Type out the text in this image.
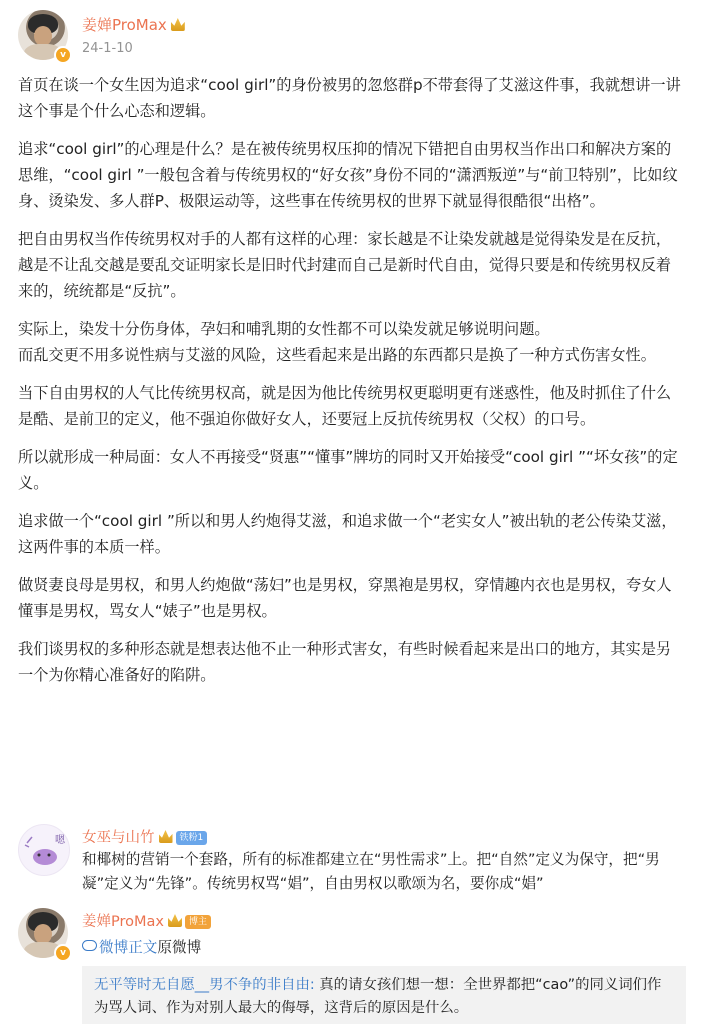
v
姜婵ProMax
24-1-10

首页在谈一个女生因为追求“cool girl”的身份被男的忽悠群p不带套得了艾滋这件事，我就想讲一讲这个事是个什么心态和逻辑。

追求“cool girl”的心理是什么？是在被传统男权压抑的情况下错把自由男权当作出口和解决方案的思维，“cool girl ”一般包含着与传统男权的“好女孩”身份不同的“潇洒叛逆”与“前卫特别”，比如纹身、烫染发、多人群P、极限运动等，这些事在传统男权的世界下就显得很酷很“出格”。

把自由男权当作传统男权对手的人都有这样的心理：家长越是不让染发就越是觉得染发是在反抗，越是不让乱交越是要乱交证明家长是旧时代封建而自己是新时代自由，觉得只要是和传统男权反着来的，统统都是“反抗”。

实际上，染发十分伤身体，孕妇和哺乳期的女性都不可以染发就足够说明问题。
而乱交更不用多说性病与艾滋的风险，这些看起来是出路的东西都只是换了一种方式伤害女性。

当下自由男权的人气比传统男权高，就是因为他比传统男权更聪明更有迷惑性，他及时抓住了什么是酷、是前卫的定义，他不强迫你做好女人，还要冠上反抗传统男权（父权）的口号。

所以就形成一种局面：女人不再接受“贤惠”“懂事”牌坊的同时又开始接受“cool girl ”“坏女孩”的定义。

追求做一个“cool girl ”所以和男人约炮得艾滋，和追求做一个“老实女人”被出轨的老公传染艾滋，这两件事的本质一样。

做贤妻良母是男权，和男人约炮做“荡妇”也是男权，穿黑袍是男权，穿情趣内衣也是男权，夸女人懂事是男权，骂女人“婊子”也是男权。

我们谈男权的多种形态就是想表达他不止一种形式害女，有些时候看起来是出口的地方，其实是另一个为你精心准备好的陷阱。

嗯 女巫与山竹	铁粉1
和椰树的营销一个套路，所有的标准都建立在“男性需求”上。把“自然”定义为保守，把“男凝”定义为“先锋”。传统男权骂“娼”，自由男权以歌颂为名，要你成“娼”
v
姜婵ProMax	博主
微博正文原微博
无平等时无自愿__男不争的非自由: 真的请女孩们想一想：全世界都把“cao”的同义词们作为骂人词、作为对别人最大的侮辱，这背后的原因是什么。
